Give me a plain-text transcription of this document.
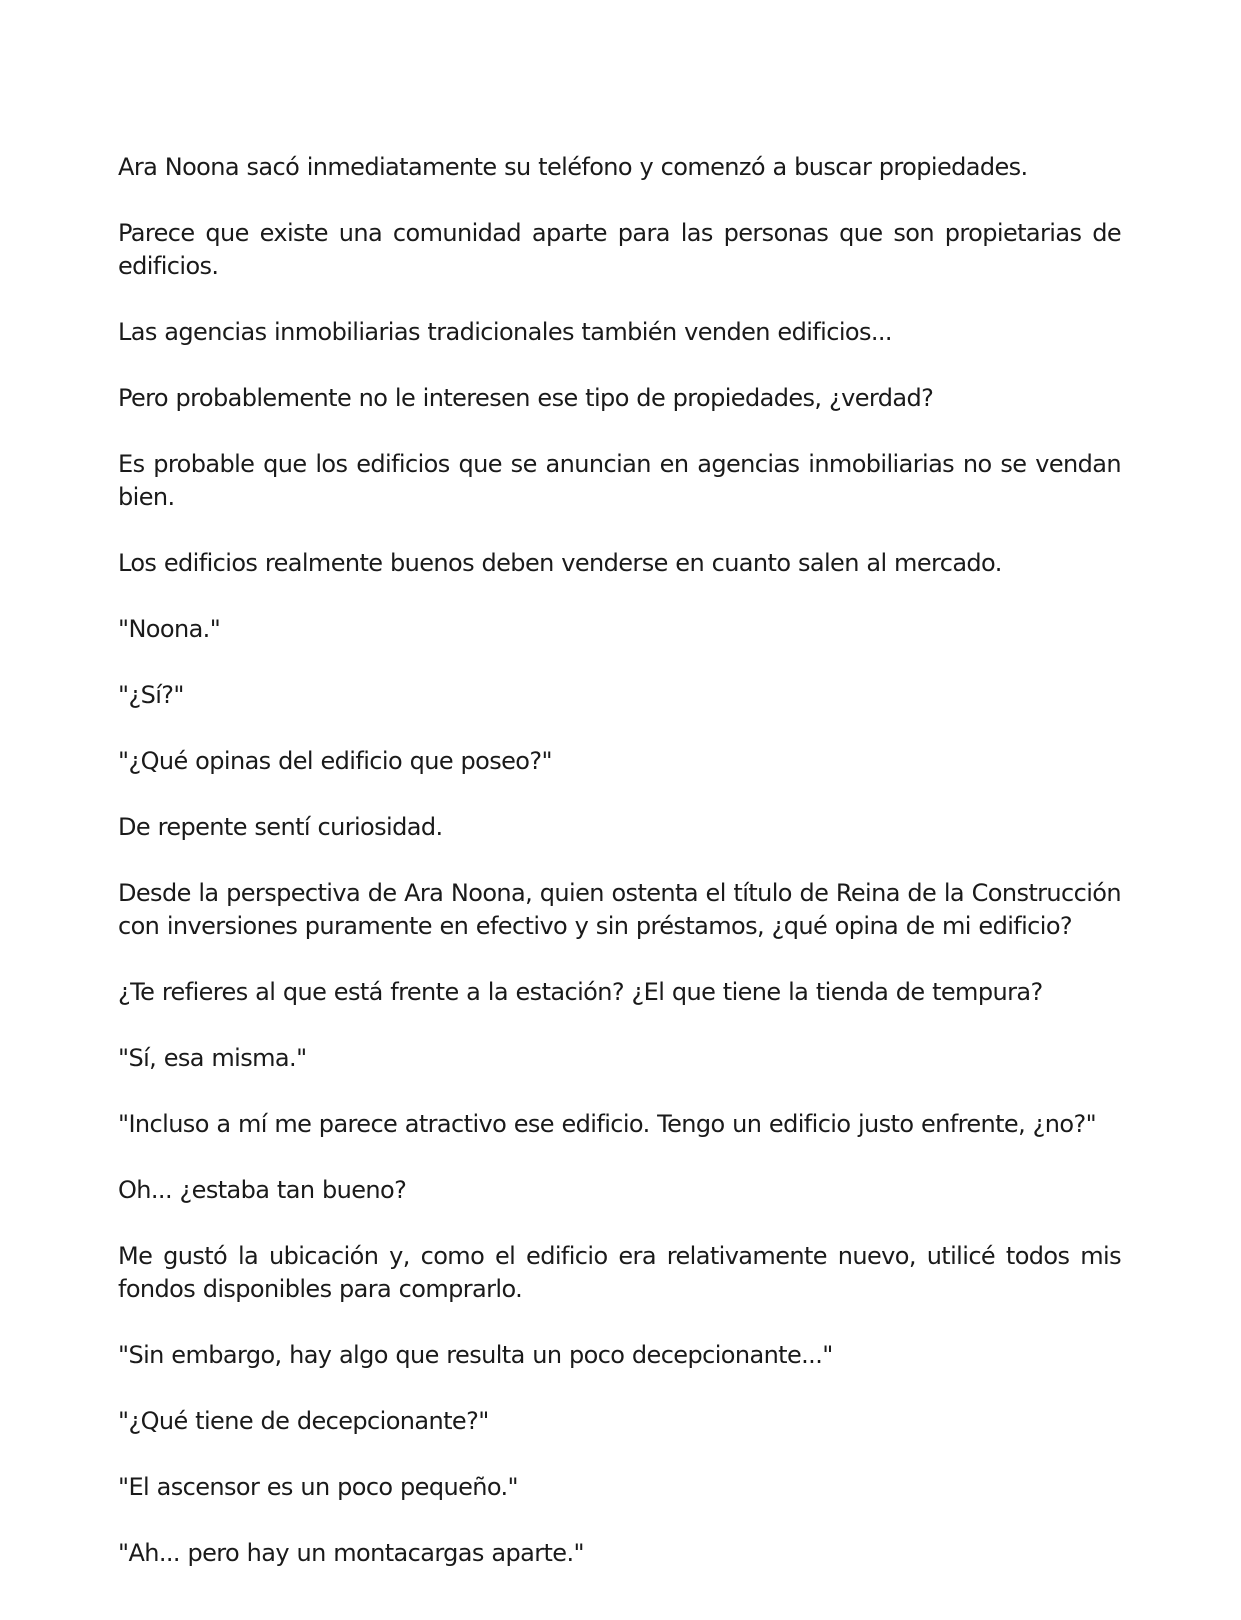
Ara Noona sacó inmediatamente su teléfono y comenzó a buscar propiedades.

Parece que existe una comunidad aparte para las personas que son propietarias de edificios.

Las agencias inmobiliarias tradicionales también venden edificios...

Pero probablemente no le interesen ese tipo de propiedades, ¿verdad?

Es probable que los edificios que se anuncian en agencias inmobiliarias no se vendan bien.

Los edificios realmente buenos deben venderse en cuanto salen al mercado.

"Noona."

"¿Sí?"

"¿Qué opinas del edificio que poseo?"

De repente sentí curiosidad.

Desde la perspectiva de Ara Noona, quien ostenta el título de Reina de la Construcción con inversiones puramente en efectivo y sin préstamos, ¿qué opina de mi edificio?

¿Te refieres al que está frente a la estación? ¿El que tiene la tienda de tempura?

"Sí, esa misma."

"Incluso a mí me parece atractivo ese edificio. Tengo un edificio justo enfrente, ¿no?"

Oh... ¿estaba tan bueno?

Me gustó la ubicación y, como el edificio era relativamente nuevo, utilicé todos mis fondos disponibles para comprarlo.

"Sin embargo, hay algo que resulta un poco decepcionante..."

"¿Qué tiene de decepcionante?"

"El ascensor es un poco pequeño."

"Ah... pero hay un montacargas aparte."
